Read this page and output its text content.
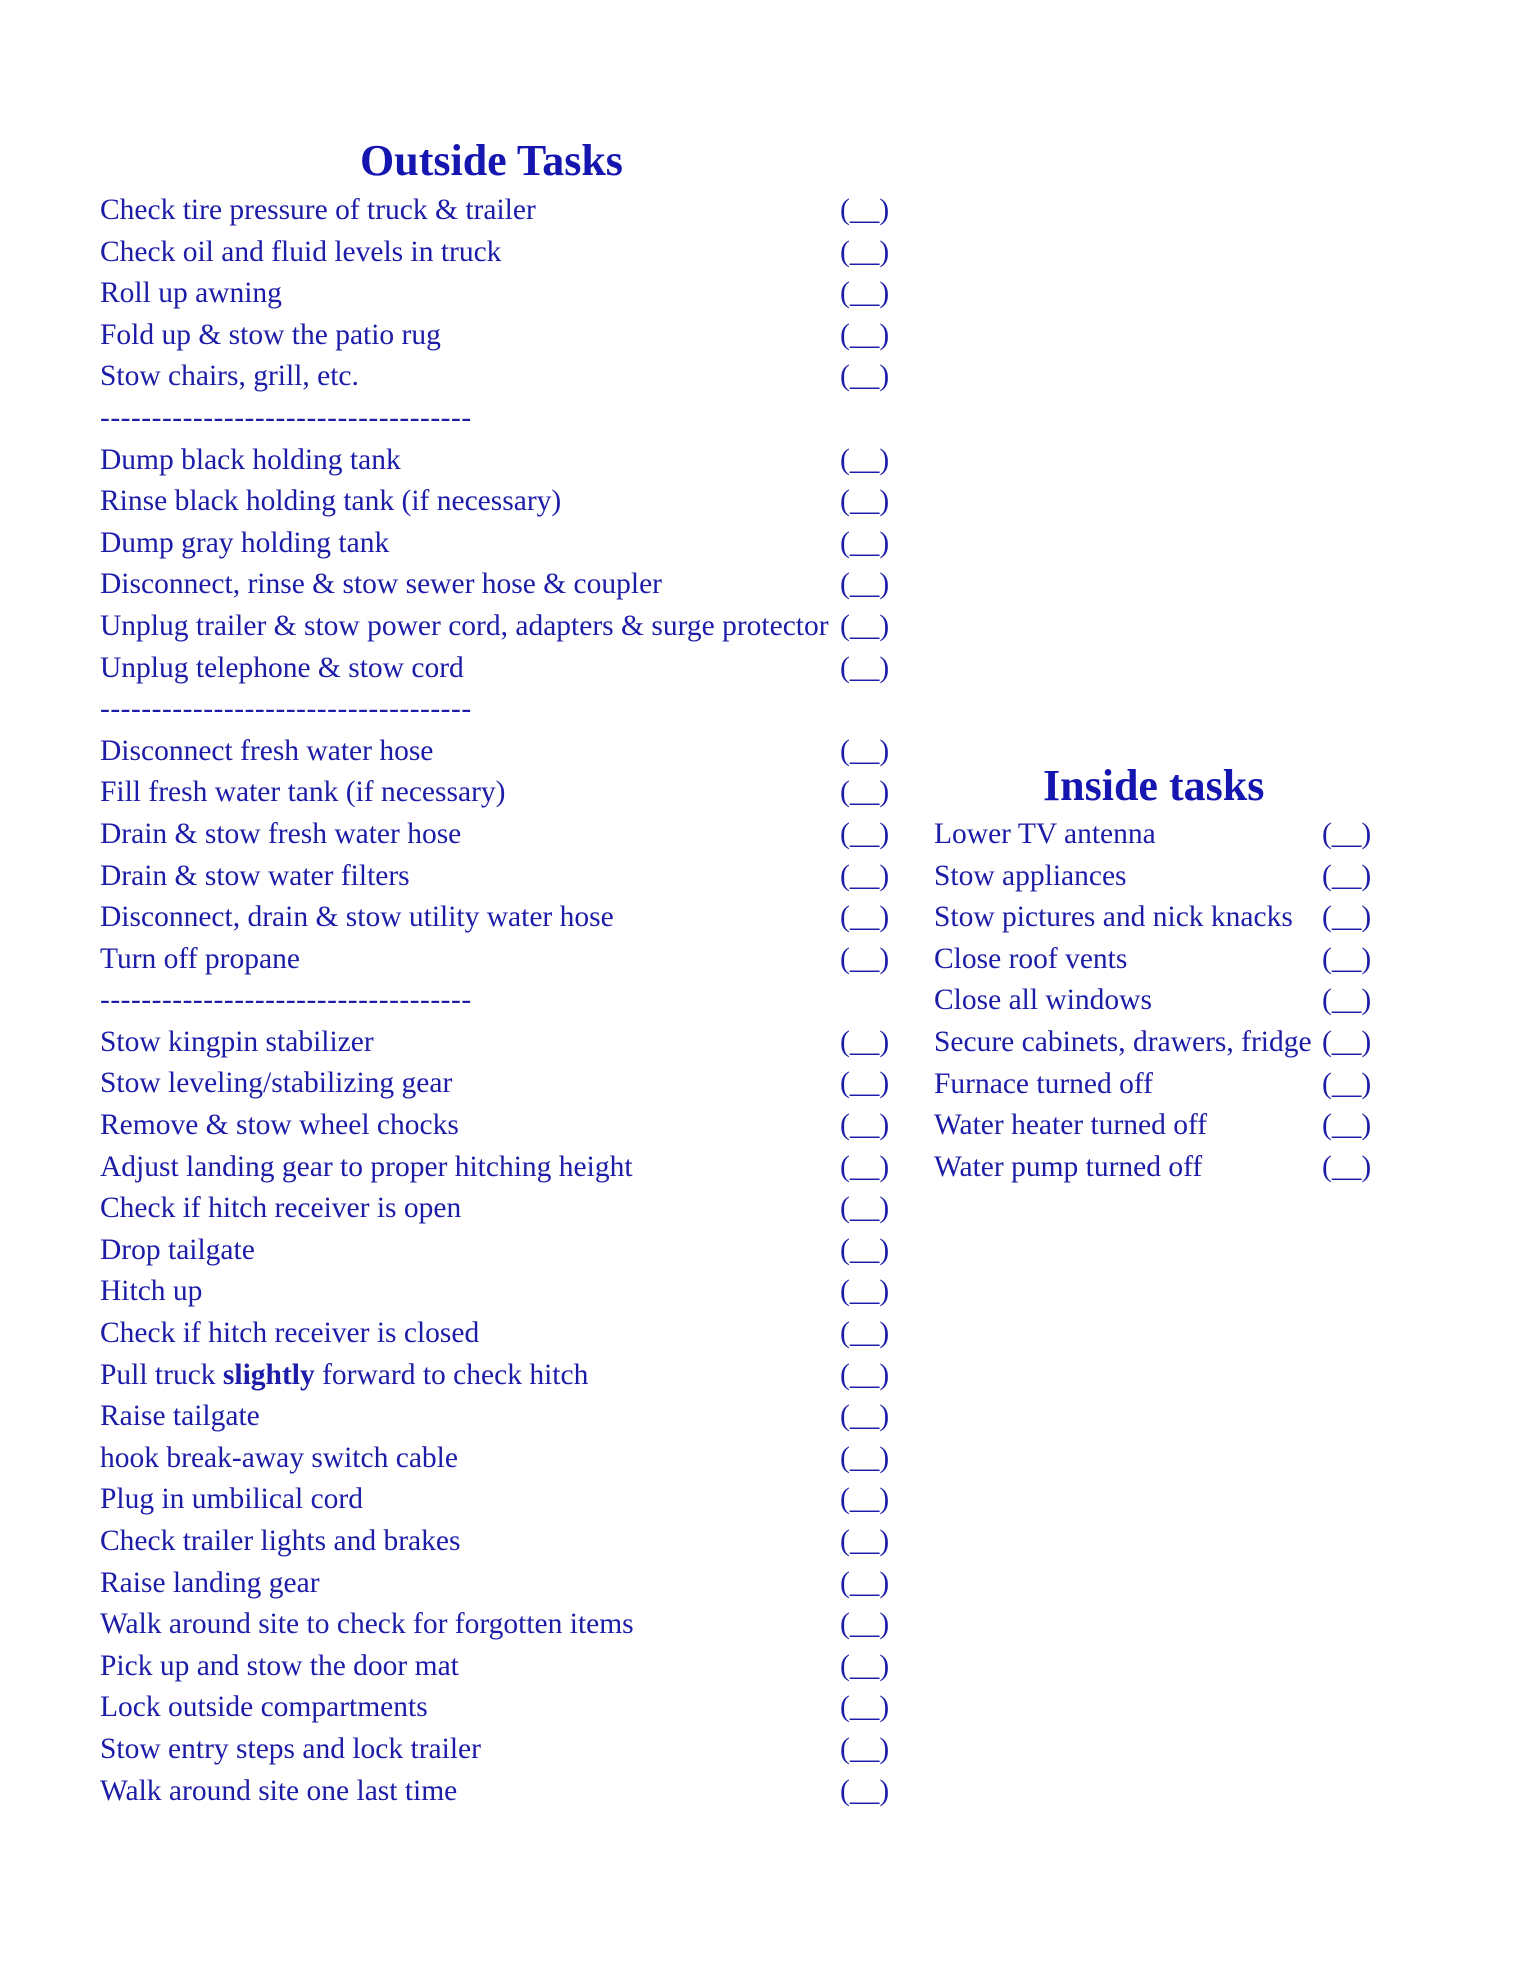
Outside Tasks
Check tire pressure of truck & trailer	(__)
Check oil and fluid levels in truck	(__)
Roll up awning	(__)
Fold up & stow the patio rug	(__)
Stow chairs, grill, etc.	(__)
------------------------------------
Dump black holding tank	(__)
Rinse black holding tank (if necessary)	(__)
Dump gray holding tank	(__)
Disconnect, rinse & stow sewer hose & coupler	(__)
Unplug trailer & stow power cord, adapters & surge protector (__)
Unplug telephone & stow cord	(__)
------------------------------------
Disconnect fresh water hose	(__)
Fill fresh water tank (if necessary)	(__)
Drain & stow fresh water hose	(__)
Drain & stow water filters	(__)
Disconnect, drain & stow utility water hose	(__)
Turn off propane	(__)
------------------------------------
Stow kingpin stabilizer	(__)
Stow leveling/stabilizing gear	(__)
Remove & stow wheel chocks	(__)
Adjust landing gear to proper hitching height	(__)
Check if hitch receiver is open	(__)
Drop tailgate	(__)
Hitch up	(__)
Check if hitch receiver is closed	(__)
Pull truck slightly forward to check hitch	(__)
Raise tailgate	(__)
hook break-away switch cable	(__)
Plug in umbilical cord	(__)
Check trailer lights and brakes	(__)
Raise landing gear	(__)
Walk around site to check for forgotten items	(__)
Pick up and stow the door mat	(__)
Lock outside compartments	(__)
Stow entry steps and lock trailer	(__)
Walk around site one last time	(__)
Inside tasks
Lower TV antenna	(__)
Stow appliances	(__)
Stow pictures and nick knacks (__)
Close roof vents	(__)
Close all windows	(__)
Secure cabinets, drawers, fridge (__)
Furnace turned off	(__)
Water heater turned off	(__)
Water pump turned off	(__)
